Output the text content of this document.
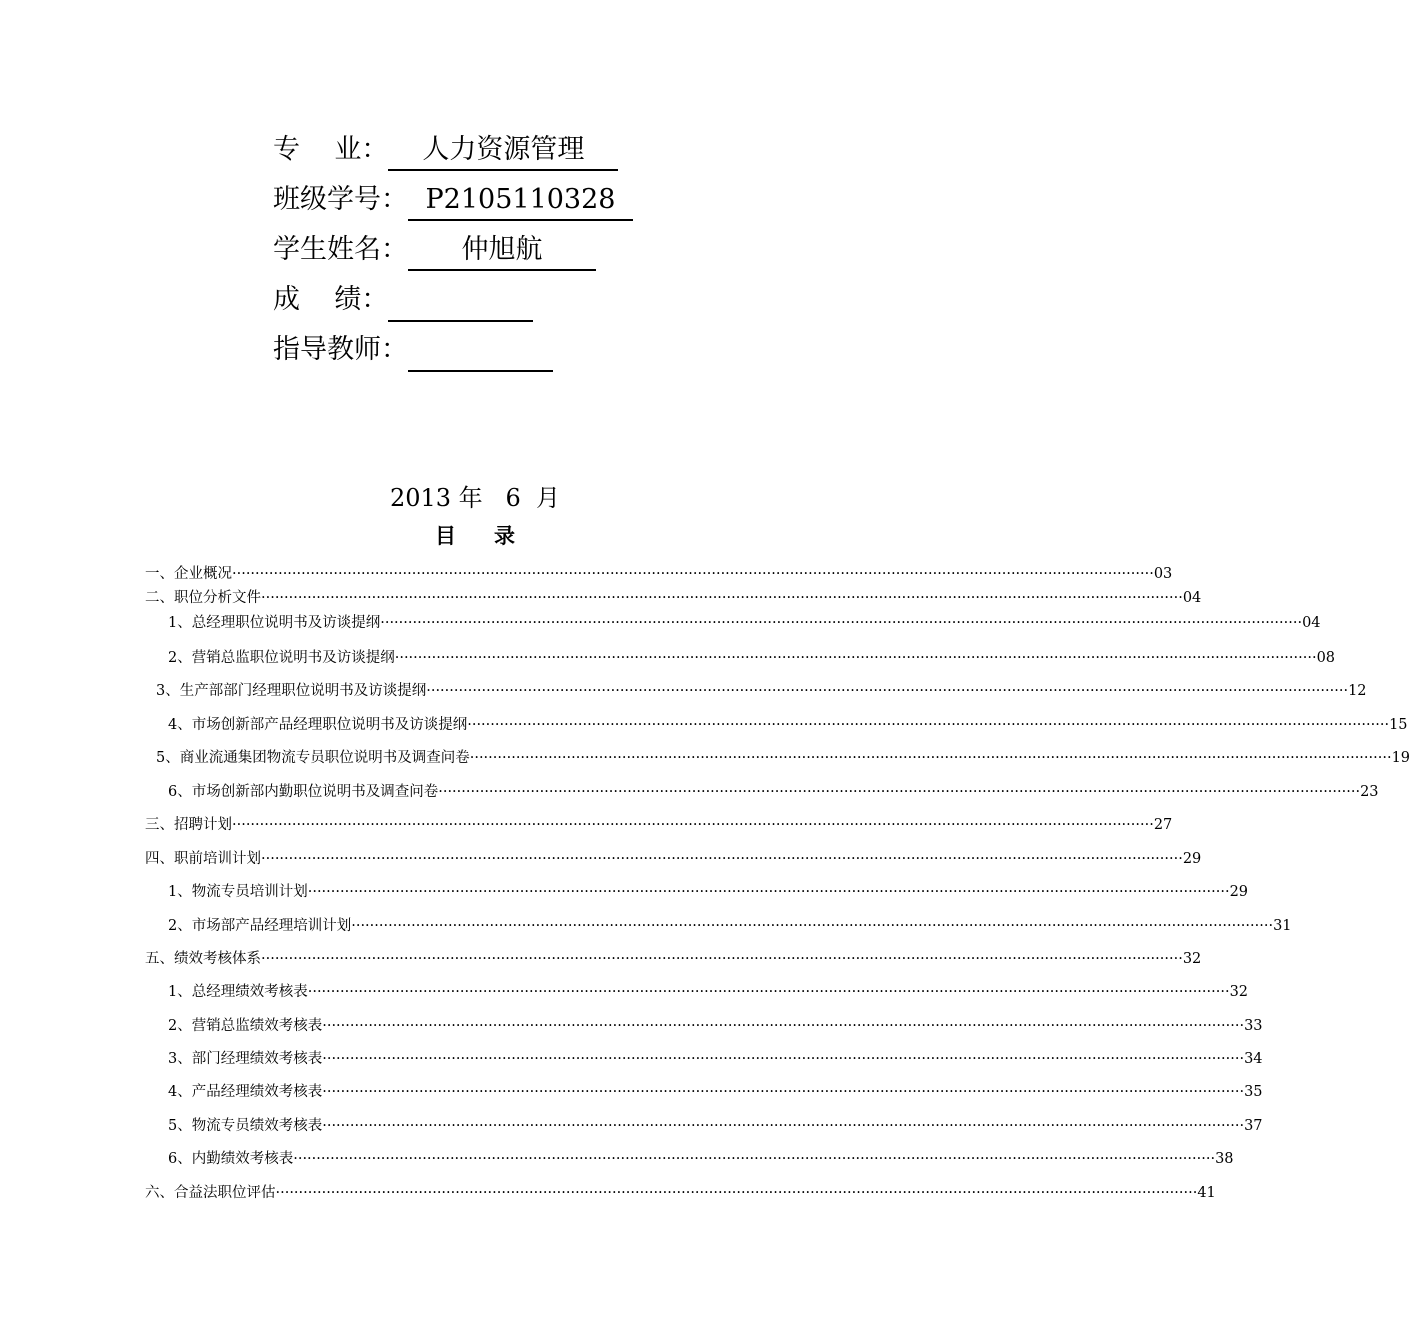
专    业： 人力资源管理
班级学号： P2105110328
学生姓名： 仲旭航
成    绩：
指导教师：
2013 年   6  月
目录
一、企业概况 ········································································································································································································ 03
二、职位分析文件 ········································································································································································································ 04
1、总经理职位说明书及访谈提纲 ········································································································································································································ 04
2、营销总监职位说明书及访谈提纲 ········································································································································································································ 08
3、生产部部门经理职位说明书及访谈提纲 ········································································································································································································ 12
4、市场创新部产品经理职位说明书及访谈提纲 ········································································································································································································ 15
5、商业流通集团物流专员职位说明书及调查问卷 ········································································································································································································ 19
6、市场创新部内勤职位说明书及调查问卷 ········································································································································································································ 23
三、招聘计划 ········································································································································································································ 27
四、职前培训计划 ········································································································································································································ 29
1、物流专员培训计划 ········································································································································································································ 29
2、市场部产品经理培训计划 ········································································································································································································ 31
五、绩效考核体系 ········································································································································································································ 32
1、总经理绩效考核表 ········································································································································································································ 32
2、营销总监绩效考核表 ········································································································································································································ 33
3、部门经理绩效考核表 ········································································································································································································ 34
4、产品经理绩效考核表 ········································································································································································································ 35
5、物流专员绩效考核表 ········································································································································································································ 37
6、内勤绩效考核表 ········································································································································································································ 38
六、合益法职位评估 ········································································································································································································ 41
